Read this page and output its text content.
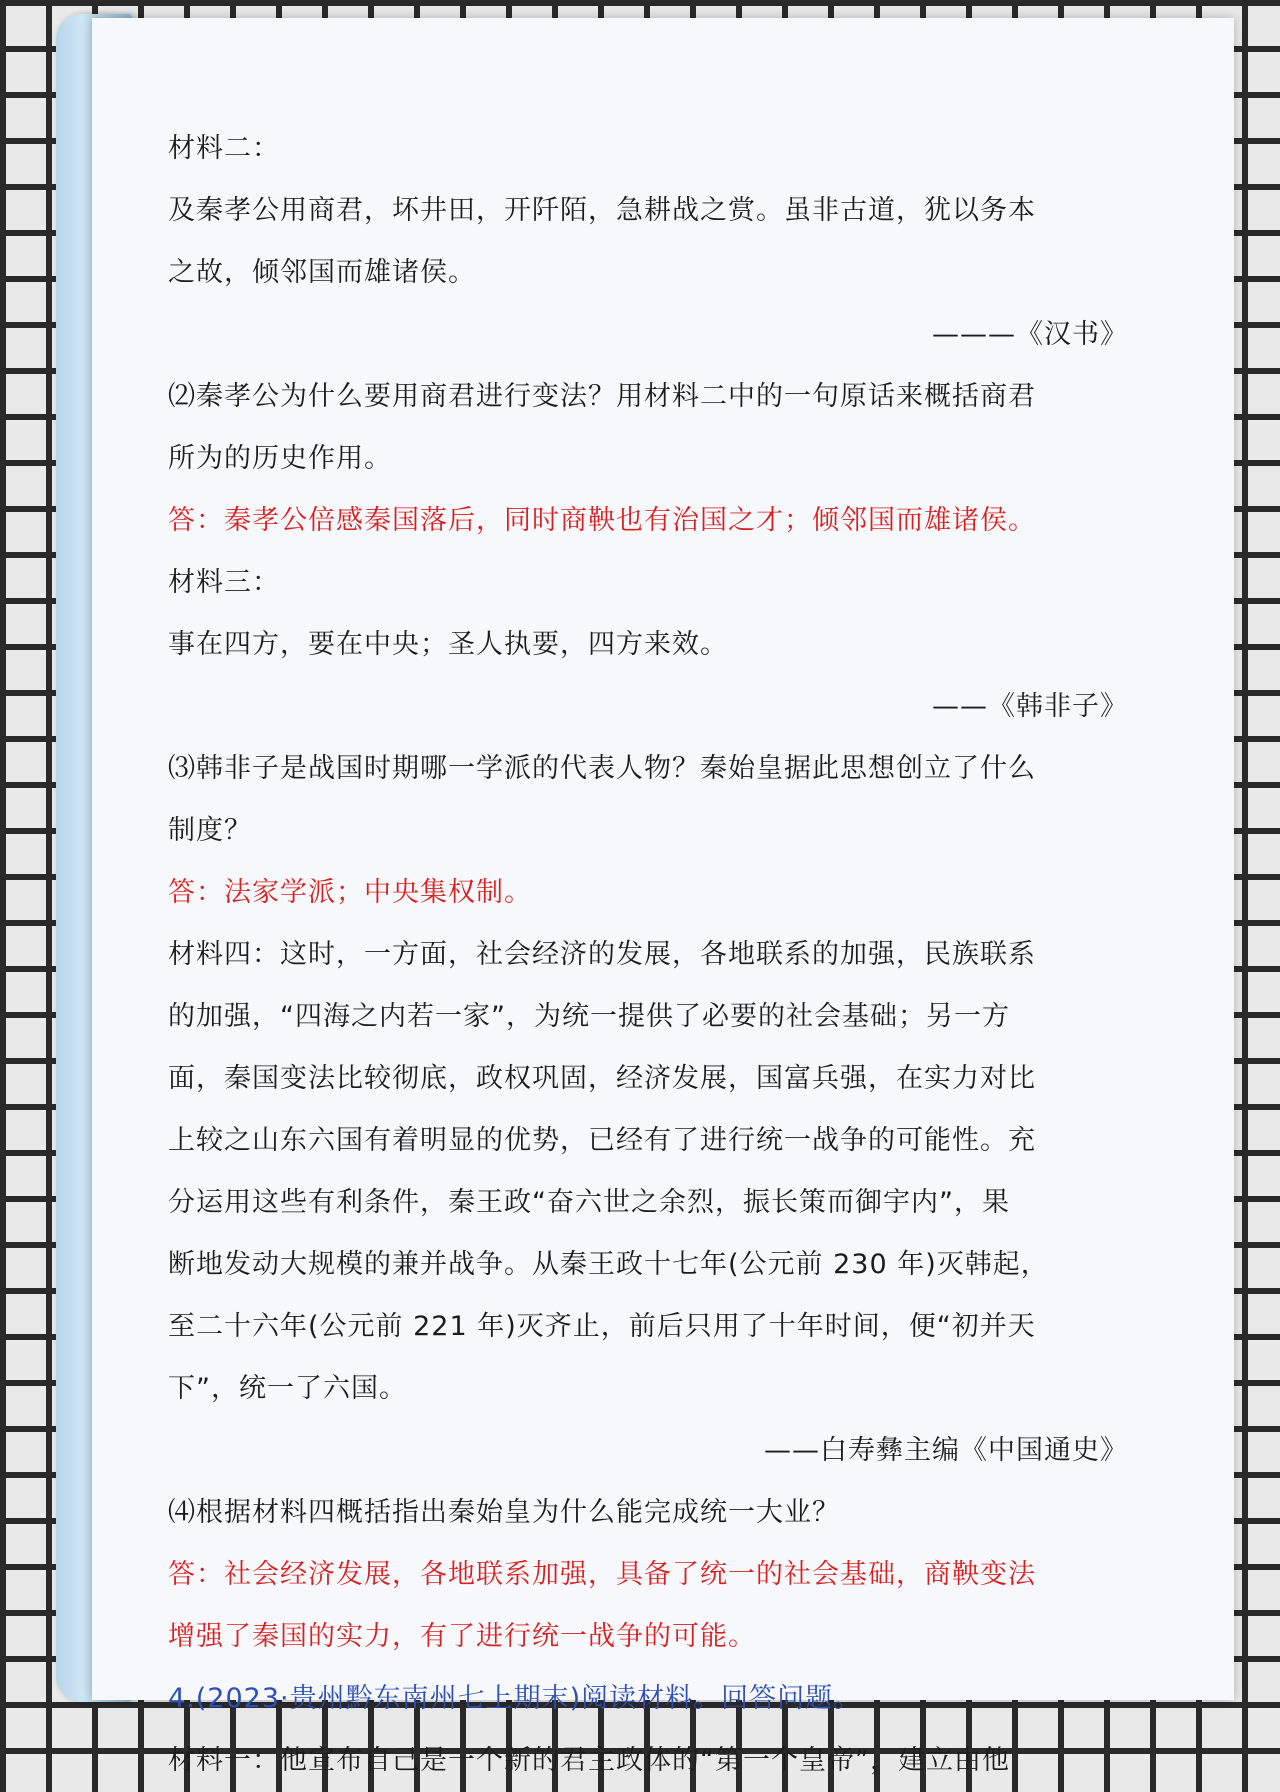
材料二：
及秦孝公用商君，坏井田，开阡陌，急耕战之赏。虽非古道，犹以务本
之故，倾邻国而雄诸侯。
———《汉书》
⑵秦孝公为什么要用商君进行变法？用材料二中的一句原话来概括商君
所为的历史作用。
答：秦孝公倍感秦国落后，同时商鞅也有治国之才；倾邻国而雄诸侯。
材料三：
事在四方，要在中央；圣人执要，四方来效。
——《韩非子》
⑶韩非子是战国时期哪一学派的代表人物？秦始皇据此思想创立了什么
制度？
答：法家学派；中央集权制。
材料四：这时，一方面，社会经济的发展，各地联系的加强，民族联系
的加强，“四海之内若一家”，为统一提供了必要的社会基础；另一方
面，秦国变法比较彻底，政权巩固，经济发展，国富兵强，在实力对比
上较之山东六国有着明显的优势，已经有了进行统一战争的可能性。充
分运用这些有利条件，秦王政“奋六世之余烈，振长策而御宇内”，果
断地发动大规模的兼并战争。从秦王政十七年(公元前 230 年)灭韩起，
至二十六年(公元前 221 年)灭齐止，前后只用了十年时间，便“初并天
下”，统一了六国。
——白寿彝主编《中国通史》
⑷根据材料四概括指出秦始皇为什么能完成统一大业？
答：社会经济发展，各地联系加强，具备了统一的社会基础，商鞅变法
增强了秦国的实力，有了进行统一战争的可能。
4.(2023·贵州黔东南州七上期末)阅读材料。回答问题。
材料一：他宣布自己是一个新的君主政体的“第一个皇帝”，建立由他
